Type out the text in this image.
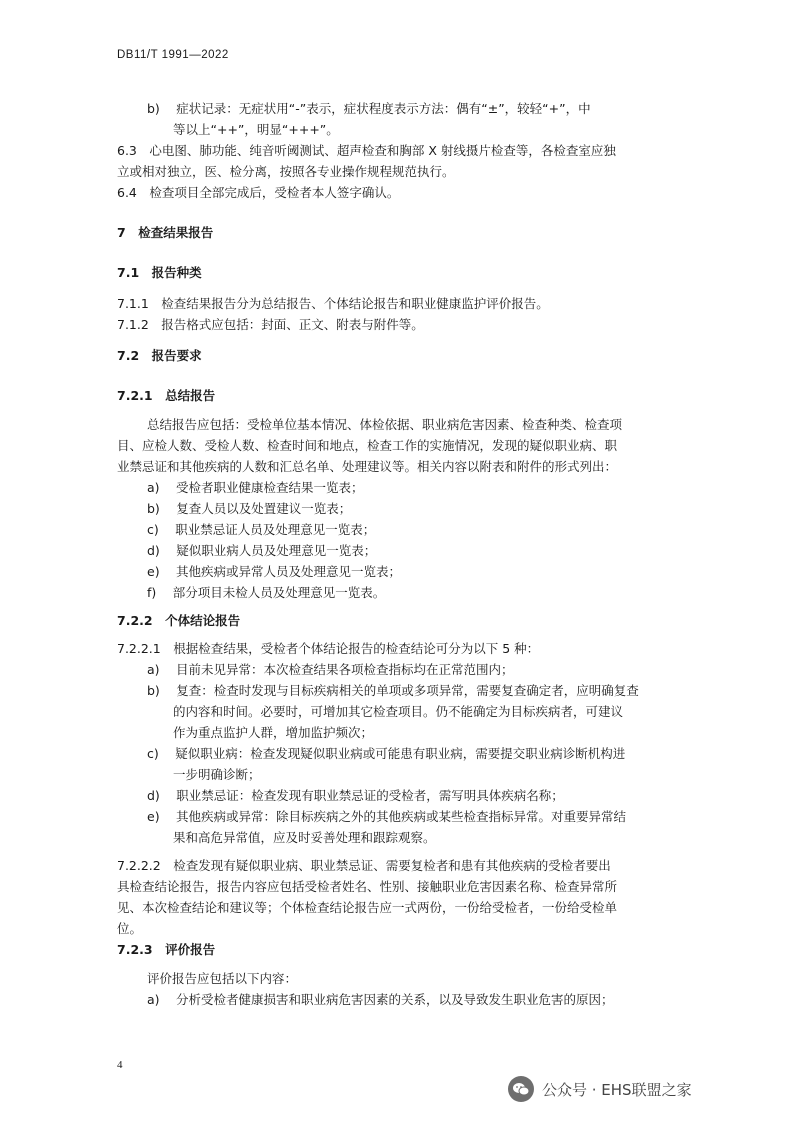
DB11/T 1991—2022
b)　 症状记录：无症状用“-”表示，症状程度表示方法：偶有“±”，较轻“+”，中
等以上“++”，明显“+++”。
6.3　心电图、肺功能、纯音听阈测试、超声检查和胸部 X 射线摄片检查等，各检查室应独
立或相对独立，医、检分离，按照各专业操作规程规范执行。
6.4　检查项目全部完成后，受检者本人签字确认。
7　检查结果报告
7.1　报告种类
7.1.1　检查结果报告分为总结报告、个体结论报告和职业健康监护评价报告。
7.1.2　报告格式应包括：封面、正文、附表与附件等。
7.2　报告要求
7.2.1　总结报告
总结报告应包括：受检单位基本情况、体检依据、职业病危害因素、检查种类、检查项
目、应检人数、受检人数、检查时间和地点，检查工作的实施情况，发现的疑似职业病、职
业禁忌证和其他疾病的人数和汇总名单、处理建议等。相关内容以附表和附件的形式列出：
a)　 受检者职业健康检查结果一览表；
b)　 复查人员以及处置建议一览表；
c)　 职业禁忌证人员及处理意见一览表；
d)　 疑似职业病人员及处理意见一览表；
e)　 其他疾病或异常人员及处理意见一览表；
f)　 部分项目未检人员及处理意见一览表。
7.2.2　个体结论报告
7.2.2.1　根据检查结果，受检者个体结论报告的检查结论可分为以下 5 种：
a)　 目前未见异常：本次检查结果各项检查指标均在正常范围内；
b)　 复查：检查时发现与目标疾病相关的单项或多项异常，需要复查确定者，应明确复查
的内容和时间。必要时，可增加其它检查项目。仍不能确定为目标疾病者，可建议
作为重点监护人群，增加监护频次；
c)　 疑似职业病：检查发现疑似职业病或可能患有职业病，需要提交职业病诊断机构进
一步明确诊断；
d)　 职业禁忌证：检查发现有职业禁忌证的受检者，需写明具体疾病名称；
e)　 其他疾病或异常：除目标疾病之外的其他疾病或某些检查指标异常。对重要异常结
果和高危异常值，应及时妥善处理和跟踪观察。
7.2.2.2　检查发现有疑似职业病、职业禁忌证、需要复检者和患有其他疾病的受检者要出
具检查结论报告，报告内容应包括受检者姓名、性别、接触职业危害因素名称、检查异常所
见、本次检查结论和建议等；个体检查结论报告应一式两份，一份给受检者，一份给受检单
位。
7.2.3　评价报告
评价报告应包括以下内容：
a)　 分析受检者健康损害和职业病危害因素的关系，以及导致发生职业危害的原因；
4
公众号 · EHS联盟之家
